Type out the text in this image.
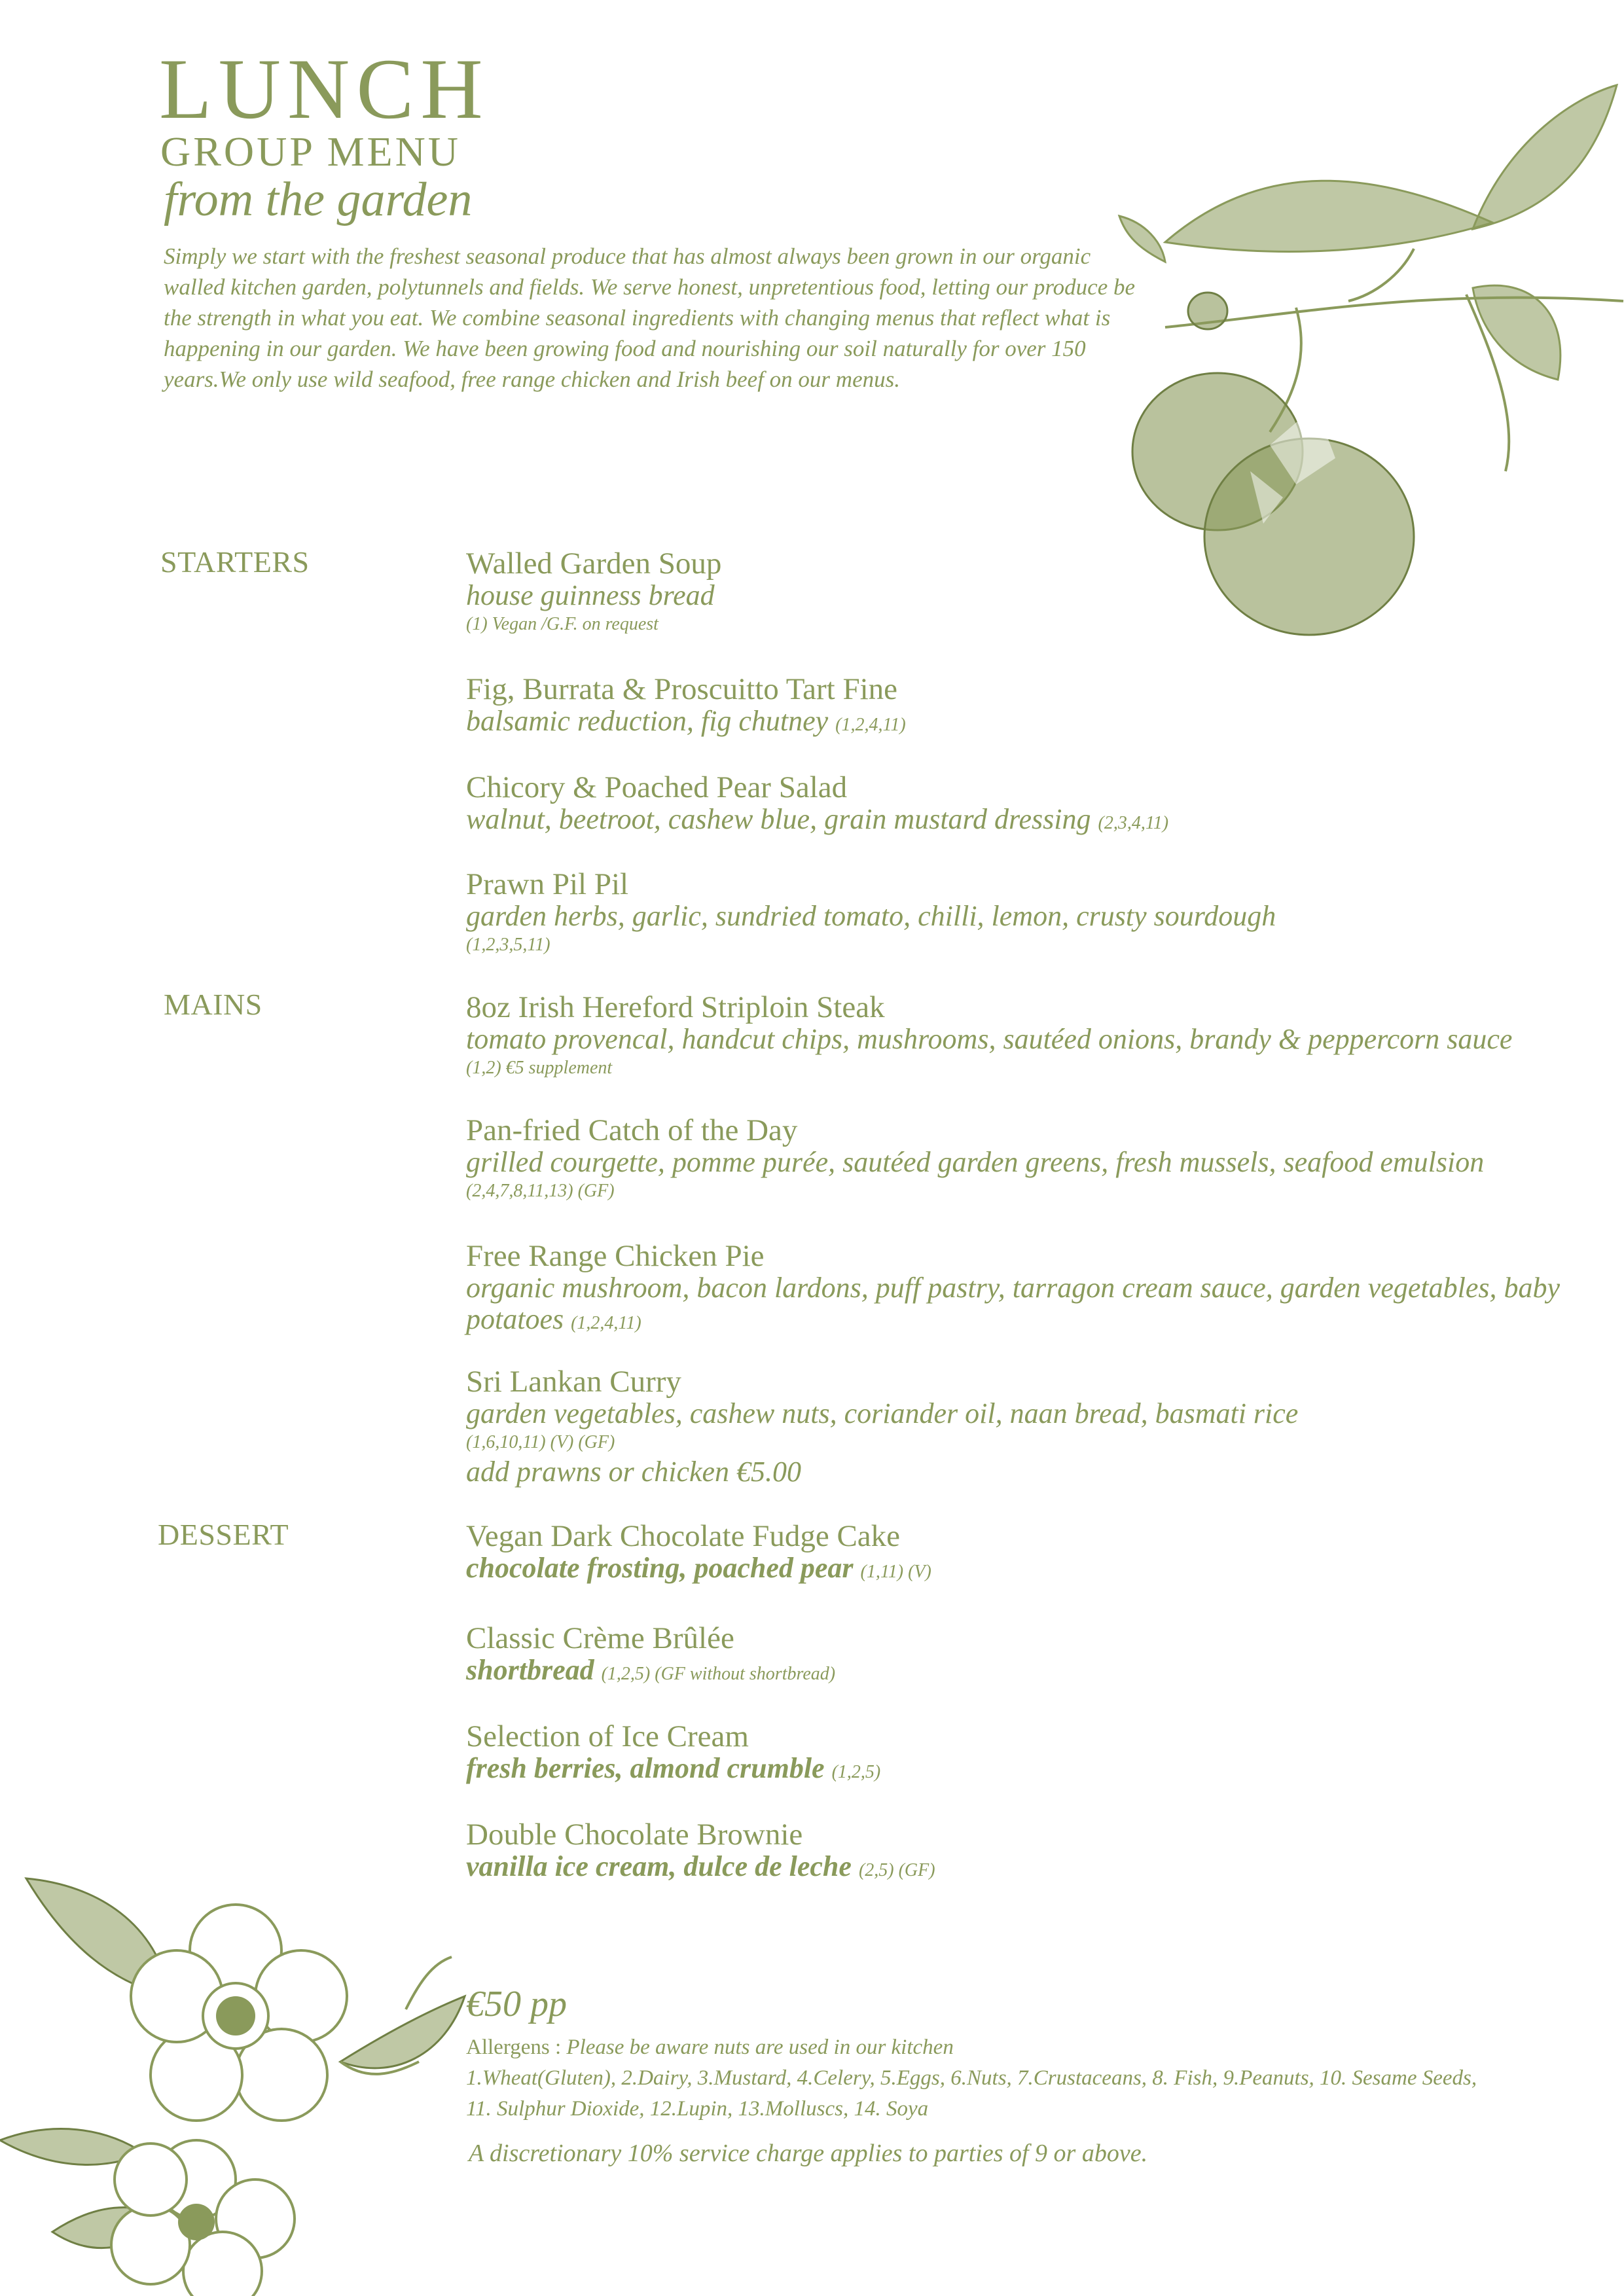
LUNCH
GROUP MENU
from the garden
Simply we start with the freshest seasonal produce that has almost always been grown in our organic walled kitchen garden, polytunnels and fields. We serve honest, unpretentious food, letting our produce be the strength in what you eat. We combine seasonal ingredients with changing menus that reflect what is happening in our garden. We have been growing food and nourishing our soil naturally for over 150 years.We only use wild seafood, free range chicken and Irish beef on our menus.
STARTERS	Walled Garden Soup
house guinness bread
(1) Vegan /G.F. on request
Fig, Burrata & Proscuitto Tart Fine
balsamic reduction, fig chutney (1,2,4,11)
Chicory & Poached Pear Salad
walnut, beetroot, cashew blue, grain mustard dressing (2,3,4,11)
Prawn Pil Pil
garden herbs, garlic, sundried tomato, chilli, lemon, crusty sourdough
(1,2,3,5,11)
MAINS	8oz Irish Hereford Striploin Steak
tomato provencal, handcut chips, mushrooms, sautéed onions, brandy & peppercorn sauce
(1,2) €5 supplement
Pan-fried Catch of the Day
grilled courgette, pomme purée, sautéed garden greens, fresh mussels, seafood emulsion
(2,4,7,8,11,13) (GF)
Free Range Chicken Pie
organic mushroom, bacon lardons, puff pastry, tarragon cream sauce, garden vegetables, baby potatoes (1,2,4,11)
Sri Lankan Curry
garden vegetables, cashew nuts, coriander oil, naan bread, basmati rice
(1,6,10,11) (V) (GF)
add prawns or chicken €5.00
DESSERT	Vegan Dark Chocolate Fudge Cake
chocolate frosting, poached pear (1,11) (V)
Classic Crème Brûlée
shortbread (1,2,5) (GF without shortbread)
Selection of Ice Cream
fresh berries, almond crumble (1,2,5)
Double Chocolate Brownie
vanilla ice cream, dulce de leche (2,5) (GF)
€50 pp
Allergens : Please be aware nuts are used in our kitchen
1.Wheat(Gluten), 2.Dairy, 3.Mustard, 4.Celery, 5.Eggs, 6.Nuts, 7.Crustaceans, 8. Fish, 9.Peanuts, 10. Sesame Seeds,
11. Sulphur Dioxide, 12.Lupin, 13.Molluscs, 14. Soya
A discretionary 10% service charge applies to parties of 9 or above.
